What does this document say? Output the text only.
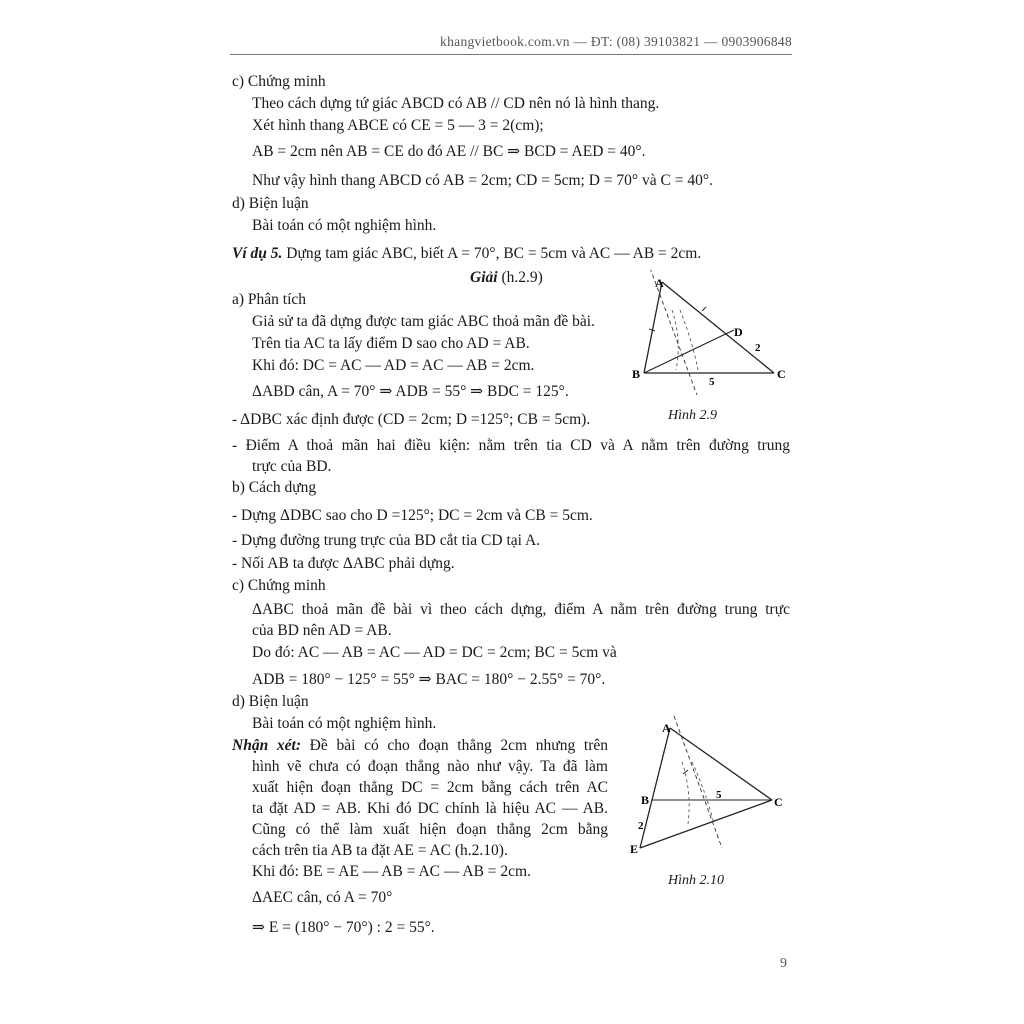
khangvietbook.com.vn — ĐT: (08) 39103821 — 0903906848
c) Chứng minh
Theo cách dựng tứ giác ABCD có AB // CD nên nó là hình thang.
Xét hình thang ABCE có CE = 5 — 3 = 2(cm);
AB = 2cm nên AB = CE do đó AE // BC ⇒ BCD = AED = 40°.
Như vậy hình thang ABCD có AB = 2cm; CD = 5cm; D = 70° và C = 40°.
d) Biện luận
Bài toán có một nghiệm hình.
Ví dụ 5. Dựng tam giác ABC, biết A = 70°, BC = 5cm và AC — AB = 2cm.
Giải (h.2.9)
a) Phân tích
Giả sử ta đã dựng được tam giác ABC thoả mãn đề bài.
Trên tia AC ta lấy điểm D sao cho AD = AB.
Khi đó: DC = AC — AD = AC — AB = 2cm.
ΔABD cân, A = 70° ⇒ ADB = 55° ⇒ BDC = 125°.
- ΔDBC xác định được (CD = 2cm; D =125°; CB = 5cm).
- Điểm A thoả mãn hai điều kiện: nằm trên tia CD và A nằm trên đường trung
trực của BD.
b) Cách dựng
- Dựng ΔDBC sao cho D =125°; DC = 2cm và CB = 5cm.
- Dựng đường trung trực của BD cắt tia CD tại A.
- Nối AB ta được ΔABC phải dựng.
c) Chứng minh
ΔABC thoả mãn đề bài vì theo cách dựng, điểm A nằm trên đường trung trực
của BD nên AD = AB.
Do đó: AC — AB = AC — AD = DC = 2cm; BC = 5cm và
ADB = 180° − 125° = 55° ⇒ BAC = 180° − 2.55° = 70°.
d) Biện luận
Bài toán có một nghiệm hình.
Nhận xét: Đề bài có cho đoạn thẳng 2cm nhưng trên
hình vẽ chưa có đoạn thẳng nào như vậy. Ta đã làm
xuất hiện đoạn thẳng DC = 2cm bằng cách trên AC
ta đặt AD = AB. Khi đó DC chính là hiệu AC — AB.
Cũng có thể làm xuất hiện đoạn thẳng 2cm bằng
cách trên tia AB ta đặt AE = AC (h.2.10).
Khi đó: BE = AE — AB = AC — AB = 2cm.
ΔAEC cân, có A = 70°
⇒ E = (180° − 70°) : 2 = 55°.
A
B	C
D
2
5
Hình 2.9
A
B	C
E
2
5
Hình 2.10
9
